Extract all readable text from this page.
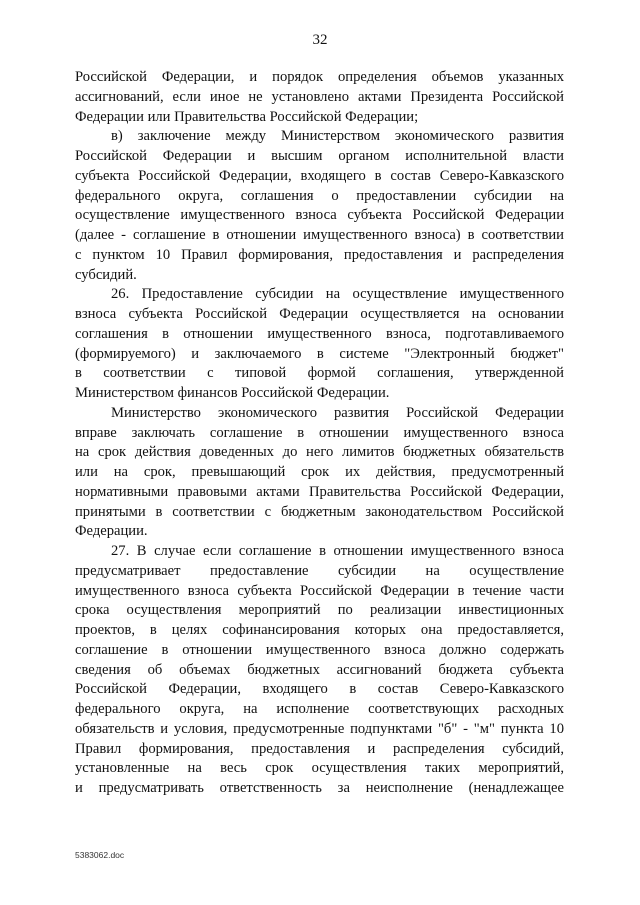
32
Российской Федерации, и порядок определения объемов указанных
ассигнований, если иное не установлено актами Президента Российской
Федерации или Правительства Российской Федерации;
в) заключение между Министерством экономического развития
Российской Федерации и высшим органом исполнительной власти
субъекта Российской Федерации, входящего в состав Северо-Кавказского
федерального округа, соглашения о предоставлении субсидии на
осуществление имущественного взноса субъекта Российской Федерации
(далее - соглашение в отношении имущественного взноса) в соответствии
с пунктом 10 Правил формирования, предоставления и распределения
субсидий.
26. Предоставление субсидии на осуществление имущественного
взноса субъекта Российской Федерации осуществляется на основании
соглашения в отношении имущественного взноса, подготавливаемого
(формируемого) и заключаемого в системе "Электронный бюджет"
в соответствии с типовой формой соглашения, утвержденной
Министерством финансов Российской Федерации.
Министерство экономического развития Российской Федерации
вправе заключать соглашение в отношении имущественного взноса
на срок действия доведенных до него лимитов бюджетных обязательств
или на срок, превышающий срок их действия, предусмотренный
нормативными правовыми актами Правительства Российской Федерации,
принятыми в соответствии с бюджетным законодательством Российской
Федерации.
27. В случае если соглашение в отношении имущественного взноса
предусматривает предоставление субсидии на осуществление
имущественного взноса субъекта Российской Федерации в течение части
срока осуществления мероприятий по реализации инвестиционных
проектов, в целях софинансирования которых она предоставляется,
соглашение в отношении имущественного взноса должно содержать
сведения об объемах бюджетных ассигнований бюджета субъекта
Российской Федерации, входящего в состав Северо-Кавказского
федерального округа, на исполнение соответствующих расходных
обязательств и условия, предусмотренные подпунктами "б" - "м" пункта 10
Правил формирования, предоставления и распределения субсидий,
установленные на весь срок осуществления таких мероприятий,
и предусматривать ответственность за неисполнение (ненадлежащее
5383062.doc
